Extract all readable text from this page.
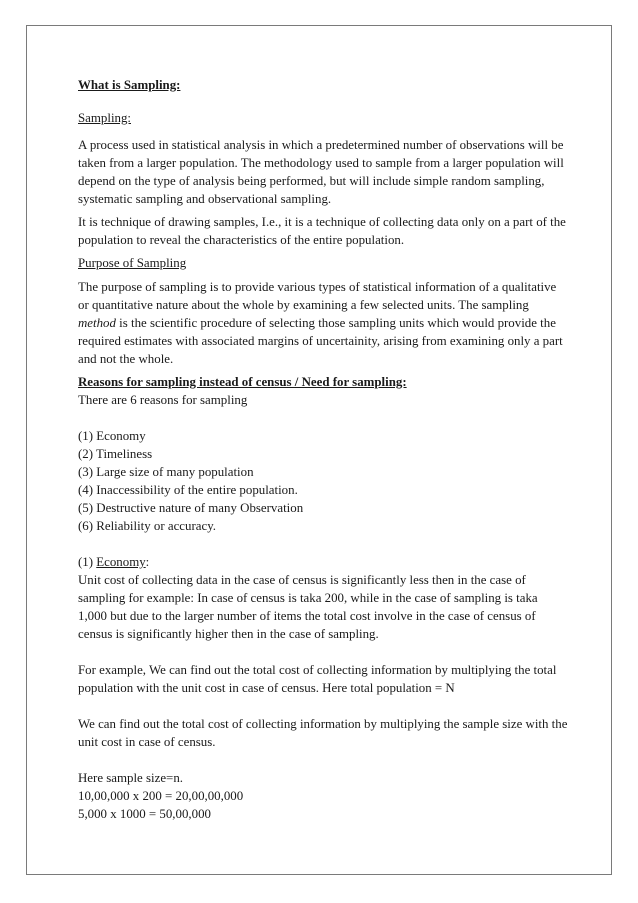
What is Sampling:

Sampling:

A process used in statistical analysis in which a predetermined number of observations will be taken from a larger population. The methodology used to sample from a larger population will depend on the type of analysis being performed, but will include simple random sampling, systematic sampling and observational sampling.

It is technique of drawing samples, I.e., it is a technique of collecting data only on a part of the population to reveal the characteristics of the entire population.

Purpose of Sampling

The purpose of sampling is to provide various types of statistical information of a qualitative or quantitative nature about the whole by examining a few selected units. The sampling method is the scientific procedure of selecting those sampling units which would provide the required estimates with associated margins of uncertainity, arising from examining only a part and not the whole.

Reasons for sampling instead of census / Need for sampling:

There are 6 reasons for sampling

(1) Economy

(2) Timeliness

(3) Large size of many population

(4) Inaccessibility of the entire population.

(5) Destructive nature of many Observation

(6) Reliability or accuracy.

(1) Economy:

Unit cost of collecting data in the case of census is significantly less then in the case of sampling for example: In case of census is taka 200, while in the case of sampling is taka 1,000 but due to the larger number of items the total cost involve in the case of census of census is significantly higher then in the case of sampling.

For example, We can find out the total cost of collecting information by multiplying the total population with the unit cost in case of census. Here total population = N

We can find out the total cost of collecting information by multiplying the sample size with the unit cost in case of census.

Here sample size=n.

10,00,000 x 200 = 20,00,00,000

5,000 x 1000 = 50,00,000
